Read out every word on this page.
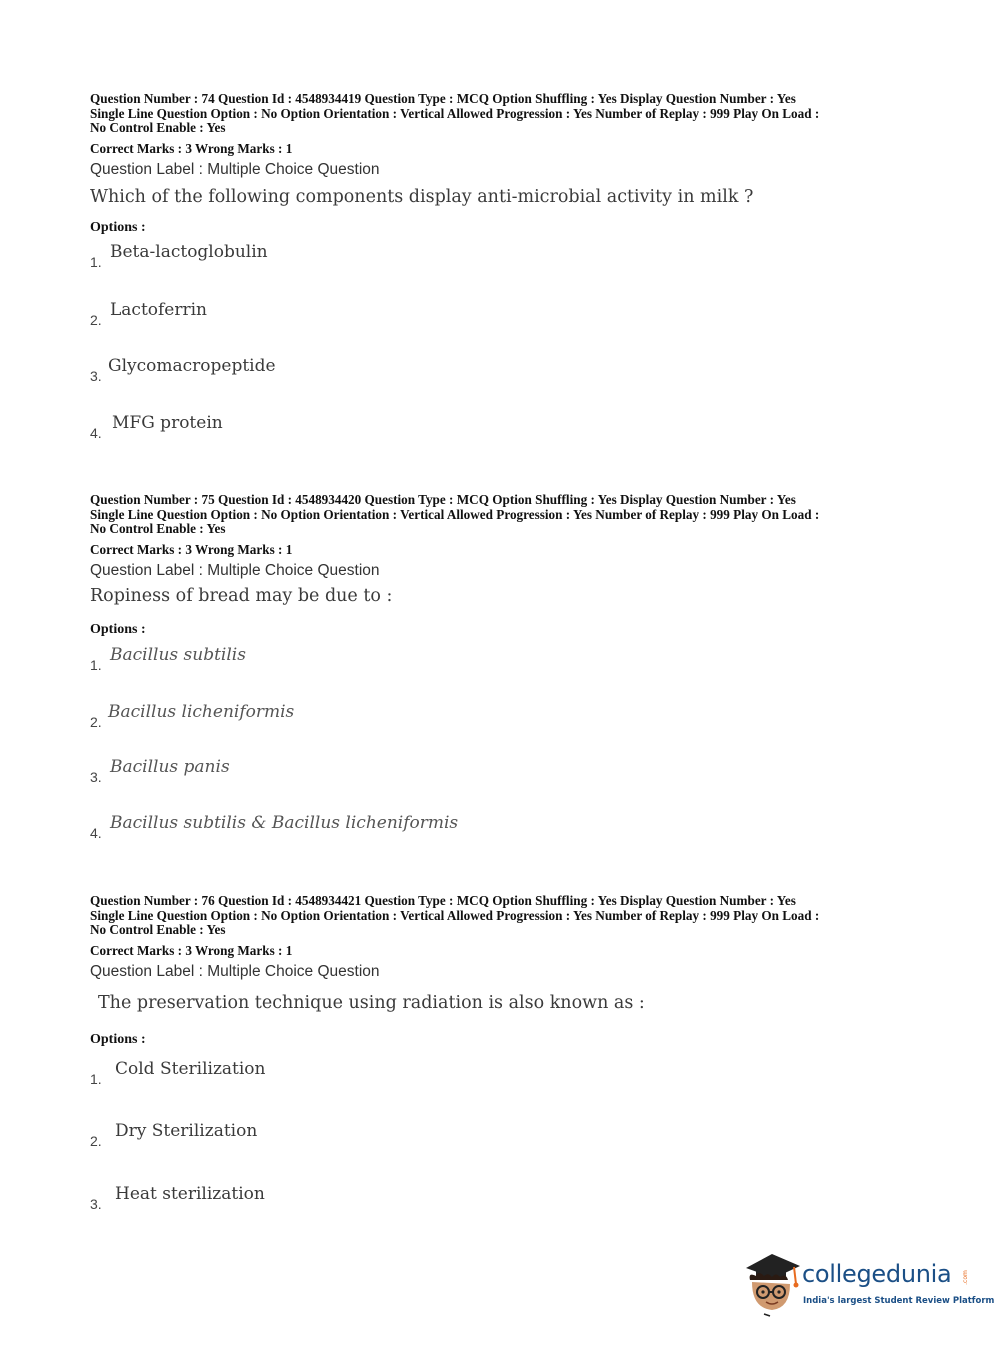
Question Number : 74 Question Id : 4548934419 Question Type : MCQ Option Shuffling : Yes Display Question Number : Yes

Single Line Question Option : No Option Orientation : Vertical Allowed Progression : Yes Number of Replay : 999 Play On Load :

No Control Enable : Yes

Correct Marks : 3 Wrong Marks : 1

Question Label : Multiple Choice Question

Which of the following components display anti-microbial activity in milk ?
Options :
1. Beta-lactoglobulin
2. Lactoferrin
3. Glycomacropeptide
4. MFG protein

Question Number : 75 Question Id : 4548934420 Question Type : MCQ Option Shuffling : Yes Display Question Number : Yes

Single Line Question Option : No Option Orientation : Vertical Allowed Progression : Yes Number of Replay : 999 Play On Load :

No Control Enable : Yes

Correct Marks : 3 Wrong Marks : 1

Question Label : Multiple Choice Question

Ropiness of bread may be due to :
Options :
1. Bacillus subtilis
2. Bacillus licheniformis
3. Bacillus panis
4. Bacillus subtilis & Bacillus licheniformis

Question Number : 76 Question Id : 4548934421 Question Type : MCQ Option Shuffling : Yes Display Question Number : Yes

Single Line Question Option : No Option Orientation : Vertical Allowed Progression : Yes Number of Replay : 999 Play On Load :

No Control Enable : Yes

Correct Marks : 3 Wrong Marks : 1

Question Label : Multiple Choice Question

The preservation technique using radiation is also known as :
Options :
1. Cold Sterilization
2. Dry Sterilization
3. Heat sterilization
collegedunia .com
India's largest Student Review Platform
